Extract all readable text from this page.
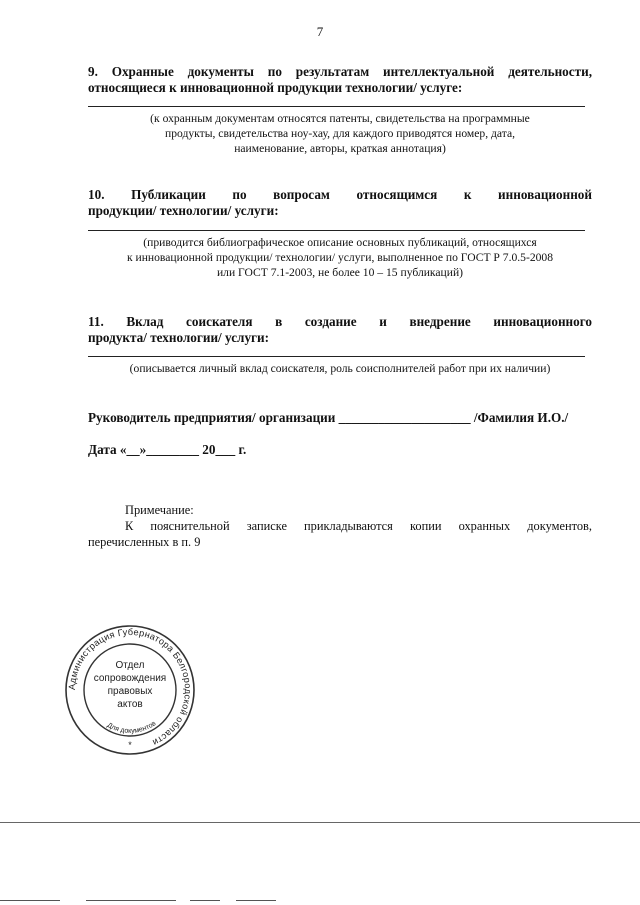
7
9. Охранные документы по результатам интеллектуальной деятельности,
относящиеся к инновационной продукции технологии/ услуге:
(к охранным документам относятся патенты, свидетельства на программные
продукты, свидетельства ноу-хау, для каждого приводятся номер, дата,
наименование, авторы, краткая аннотация)
10. Публикации по вопросам относящимся к инновационной
продукции/ технологии/ услуги:
(приводится библиографическое описание основных публикаций, относящихся
к инновационной продукции/ технологии/ услуги, выполненное по ГОСТ Р 7.0.5-2008
или ГОСТ 7.1-2003, не более 10 – 15 публикаций)
11. Вклад соискателя в создание и внедрение инновационного
продукта/ технологии/ услуги:
(описывается личный вклад соискателя, роль соисполнителей работ при их наличии)
Руководитель предприятия/ организации ____________________ /Фамилия И.О./
Дата «__»________ 20___ г.
Примечание:
К пояснительной записке прикладываются копии охранных документов,
перечисленных в п. 9
Администрация Губернатора Белгородской области
Для документов
Отдел
сопровождения
правовых
актов
*
